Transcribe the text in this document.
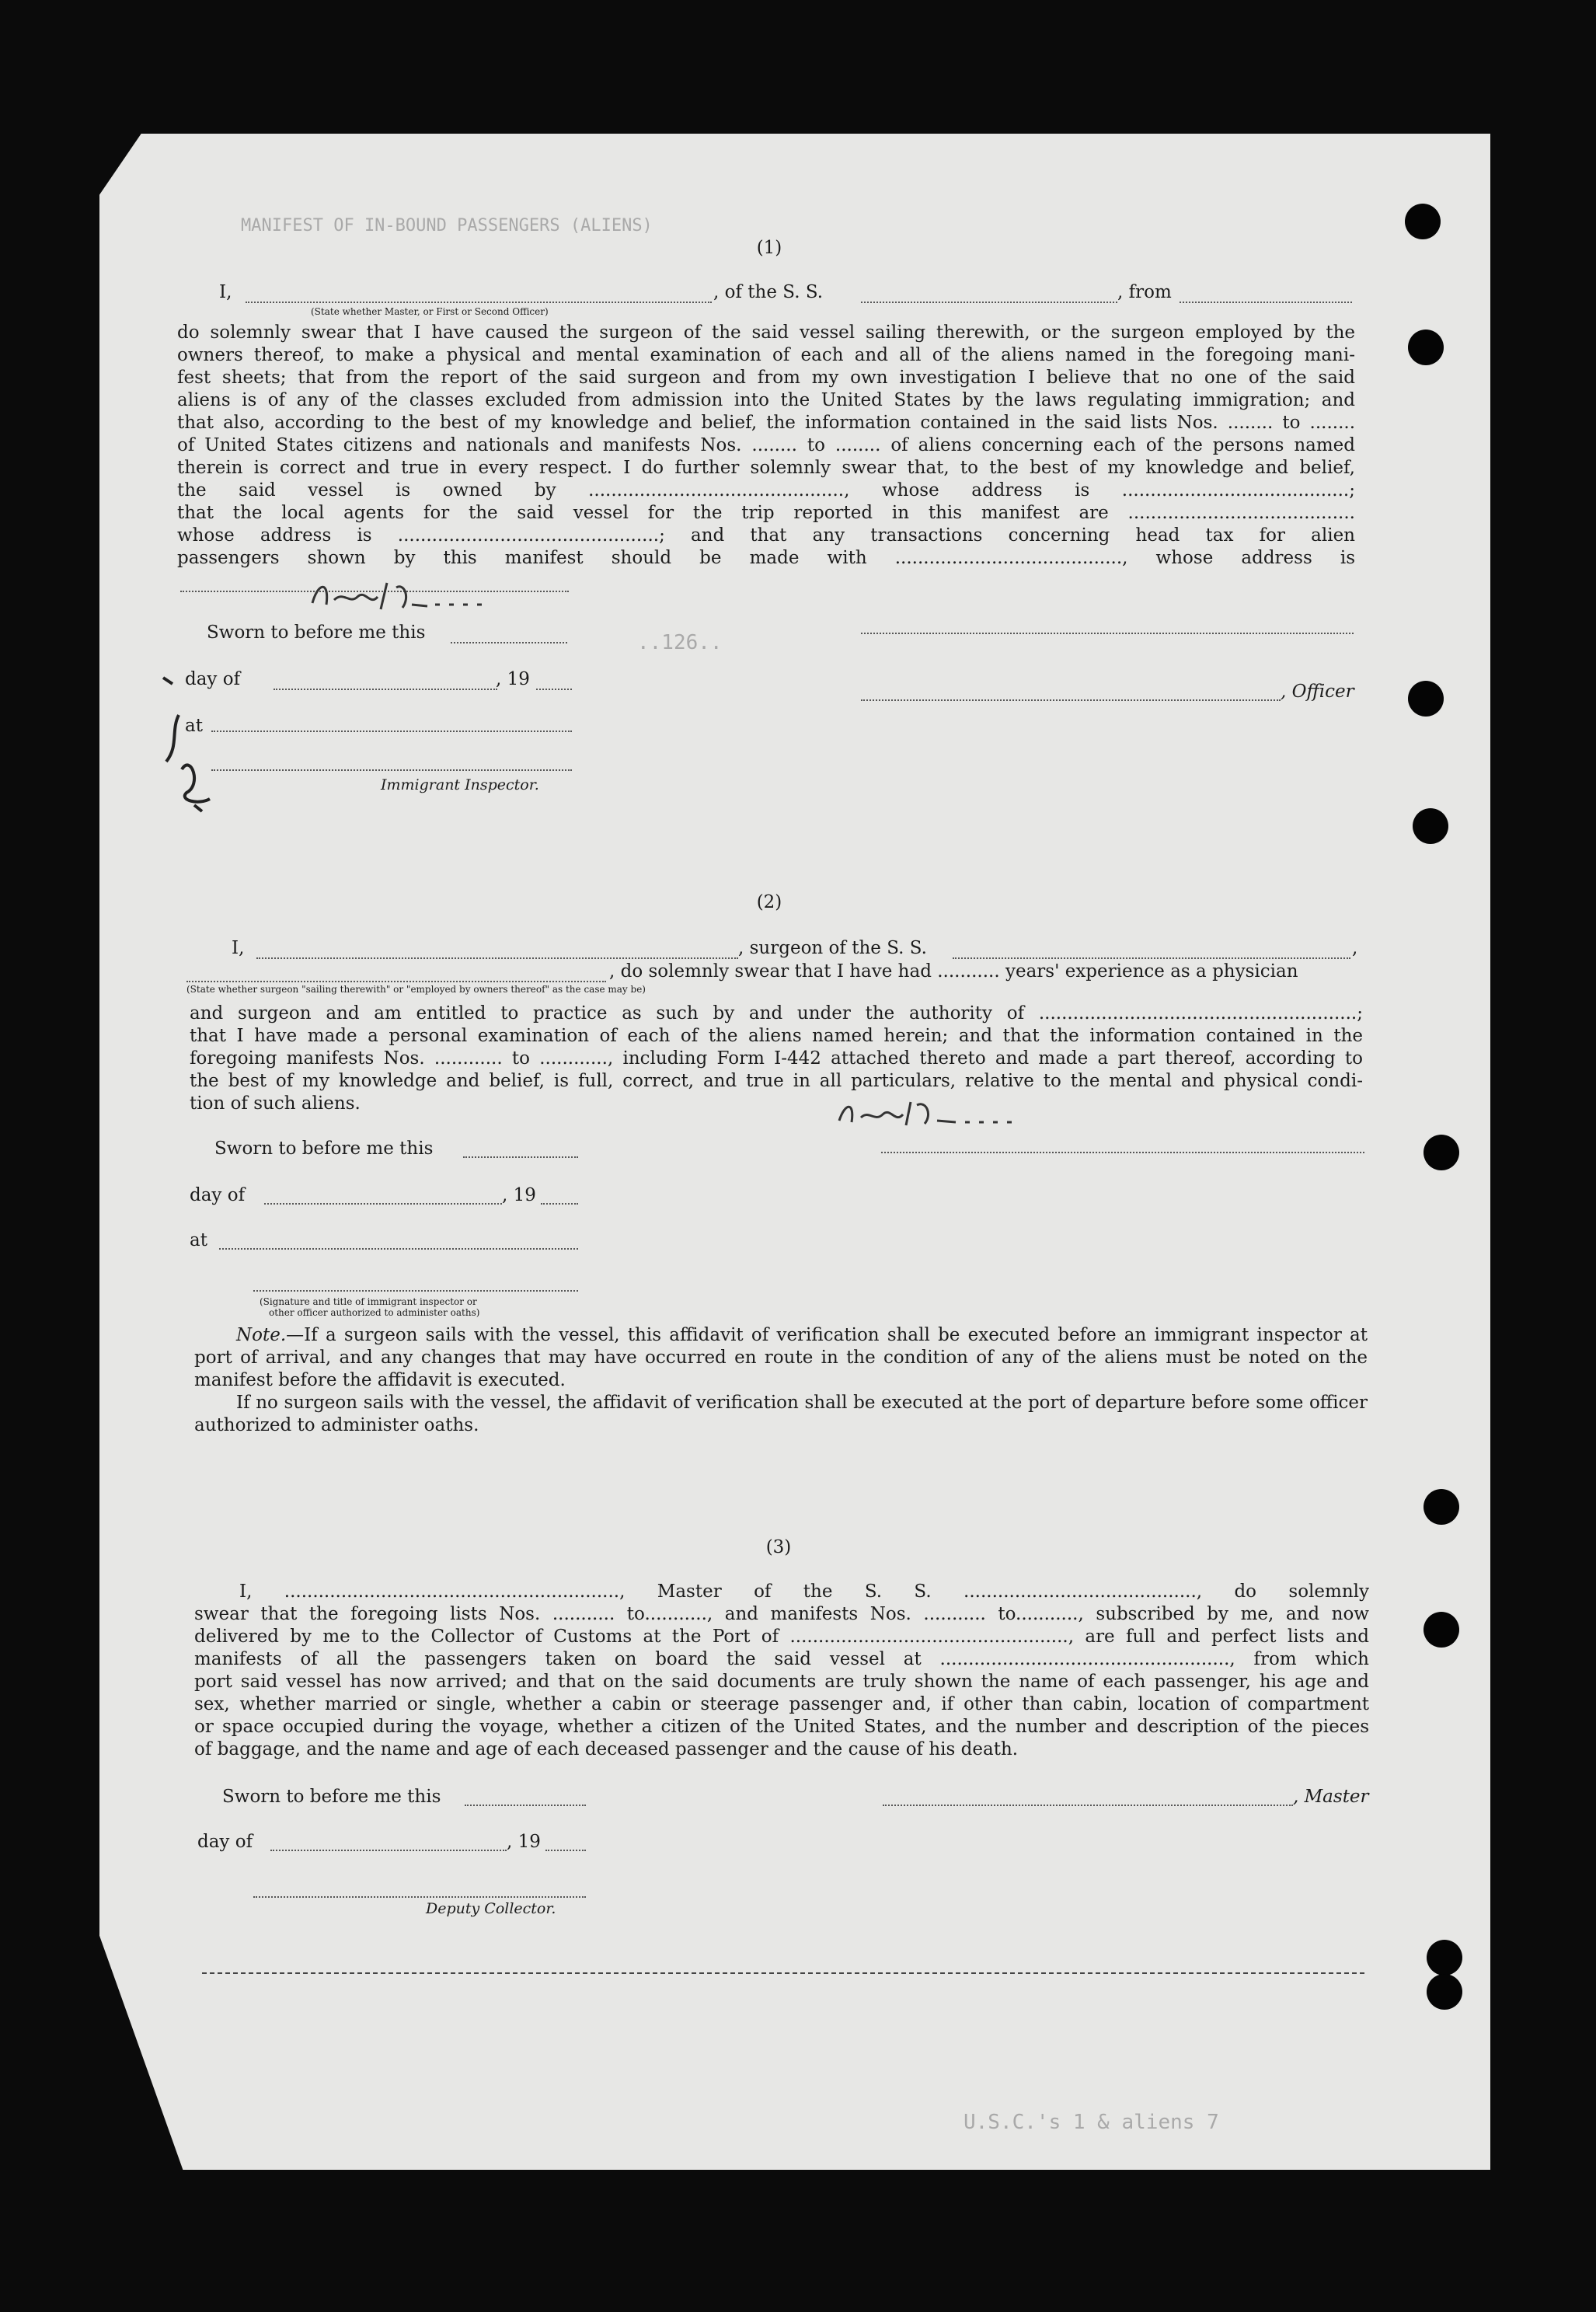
MANIFEST OF IN-BOUND PASSENGERS (ALIENS)
..126..
U.S.C.'s 1 & aliens 7
(1)
I,	, of the S. S.	, from
(State whether Master, or First or Second Officer)
do solemnly swear that I have caused the surgeon of the said vessel sailing therewith, or the surgeon employed by the
owners thereof, to make a physical and mental examination of each and all of the aliens named in the foregoing mani-
fest sheets; that from the report of the said surgeon and from my own investigation I believe that no one of the said
aliens is of any of the classes excluded from admission into the United States by the laws regulating immigration; and
that also, according to the best of my knowledge and belief, the information contained in the said lists Nos. ........ to ........
of United States citizens and nationals and manifests Nos. ........ to ........ of aliens concerning each of the persons named
therein is correct and true in every respect. I do further solemnly swear that, to the best of my knowledge and belief,
the said vessel is owned by ............................................., whose address is ........................................;
that the local agents for the said vessel for the trip reported in this manifest are ........................................
whose address is ..............................................; and that any transactions concerning head tax for alien
passengers shown by this manifest should be made with ........................................, whose address is
Sworn to before me this
day of	, 19
at
Immigrant Inspector.
, Officer
(2)
I,	, surgeon of the S. S.	,
, do solemnly swear that I have had ........... years' experience as a physician
(State whether surgeon "sailing therewith" or "employed by owners thereof" as the case may be)
and surgeon and am entitled to practice as such by and under the authority of ........................................................;
that I have made a personal examination of each of the aliens named herein; and that the information contained in the
foregoing manifests Nos. ............ to ............, including Form I-442 attached thereto and made a part thereof, according to
the best of my knowledge and belief, is full, correct, and true in all particulars, relative to the mental and physical condi-
tion of such aliens.
Sworn to before me this
day of	, 19
at
(Signature and title of immigrant inspector or
other officer authorized to administer oaths)
Note.—If a surgeon sails with the vessel, this affidavit of verification shall be executed before an immigrant inspector at port of arrival, and any changes that may have occurred en route in the condition of any of the aliens must be noted on the manifest before the affidavit is executed.
If no surgeon sails with the vessel, the affidavit of verification shall be executed at the port of departure before some officer authorized to administer oaths.
(3)
I, ..........................................................., Master of the S. S. ........................................., do solemnly
swear that the foregoing lists Nos. ........... to..........., and manifests Nos. ........... to..........., subscribed by me, and now
delivered by me to the Collector of Customs at the Port of ................................................., are full and perfect lists and
manifests of all the passengers taken on board the said vessel at ..................................................., from which
port said vessel has now arrived; and that on the said documents are truly shown the name of each passenger, his age and
sex, whether married or single, whether a cabin or steerage passenger and, if other than cabin, location of compartment
or space occupied during the voyage, whether a citizen of the United States, and the number and description of the pieces
of baggage, and the name and age of each deceased passenger and the cause of his death.
Sworn to before me this
day of	, 19
Deputy Collector.
, Master
